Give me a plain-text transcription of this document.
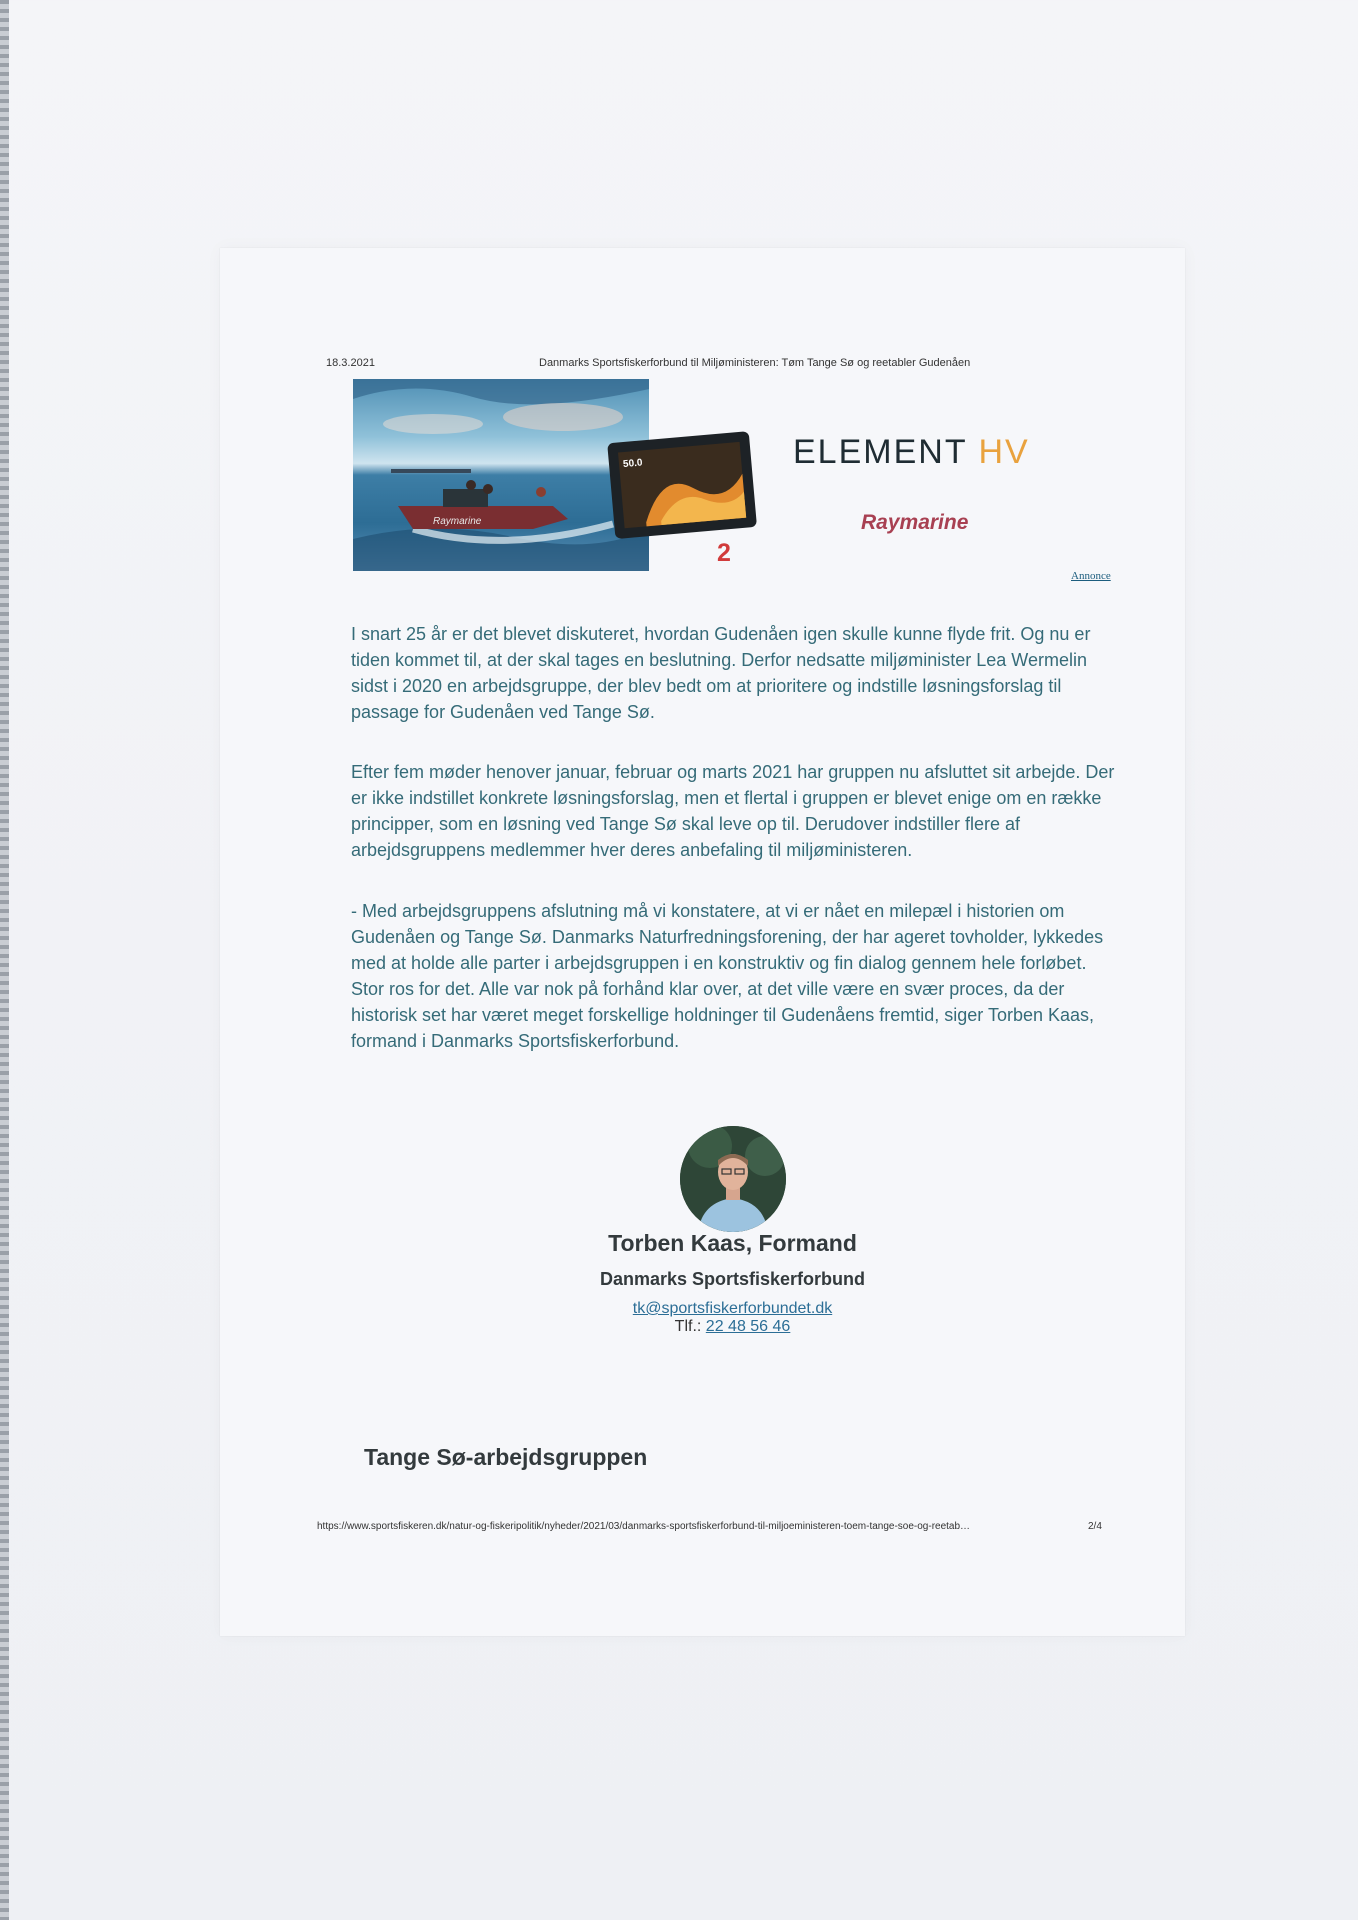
18.3.2021	Danmarks Sportsfiskerforbund til Miljøministeren: Tøm Tange Sø og reetabler Gudenåen
Raymarine
50.0	ELEMENT HV
Raymarine
2
Annonce

I snart 25 år er det blevet diskuteret, hvordan Gudenåen igen skulle kunne flyde frit. Og nu er tiden kommet til, at der skal tages en beslutning. Derfor nedsatte miljøminister Lea Wermelin sidst i 2020 en arbejdsgruppe, der blev bedt om at prioritere og indstille løsningsforslag til passage for Gudenåen ved Tange Sø.

Efter fem møder henover januar, februar og marts 2021 har gruppen nu afsluttet sit arbejde. Der er ikke indstillet konkrete løsningsforslag, men et flertal i gruppen er blevet enige om en række principper, som en løsning ved Tange Sø skal leve op til. Derudover indstiller flere af arbejdsgruppens medlemmer hver deres anbefaling til miljøministeren.

- Med arbejdsgruppens afslutning må vi konstatere, at vi er nået en milepæl i historien om Gudenåen og Tange Sø. Danmarks Naturfredningsforening, der har ageret tovholder, lykkedes med at holde alle parter i arbejdsgruppen i en konstruktiv og fin dialog gennem hele forløbet. Stor ros for det. Alle var nok på forhånd klar over, at det ville være en svær proces, da der historisk set har været meget forskellige holdninger til Gudenåens fremtid, siger Torben Kaas, formand i Danmarks Sportsfiskerforbund.

Torben Kaas, Formand
Danmarks Sportsfiskerforbund
tk@sportsfiskerforbundet.dk
Tlf.: 22 48 56 46
Tange Sø-arbejdsgruppen
https://www.sportsfiskeren.dk/natur-og-fiskeripolitik/nyheder/2021/03/danmarks-sportsfiskerforbund-til-miljoeministeren-toem-tange-soe-og-reetab…	2/4
